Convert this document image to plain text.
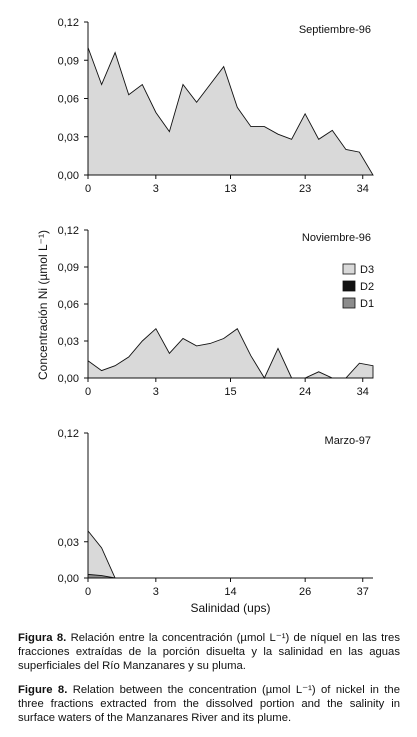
Concentración Ni (µmol L⁻¹)
0,00
0,03
0,06
0,09
0,12
0	3	13	23	34
Septiembre-96
0,00
0,03
0,06
0,09
0,12
0	3	15	24	34
Noviembre-96
D3
D2
D1
0,00
0,03
0,12
0	3	14	26	37
Marzo-97
Salinidad (ups)
Figura 8. Relación entre la concentración (µmol L⁻¹) de níquel en las tres fracciones extraídas de la porción disuelta y la salinidad en las aguas superficiales del Río Manzanares y su pluma.
Figure 8. Relation between the concentration (µmol L⁻¹) of nickel in the three fractions extracted from the dissolved portion and the salinity in surface waters of the Manzanares River and its plume.
